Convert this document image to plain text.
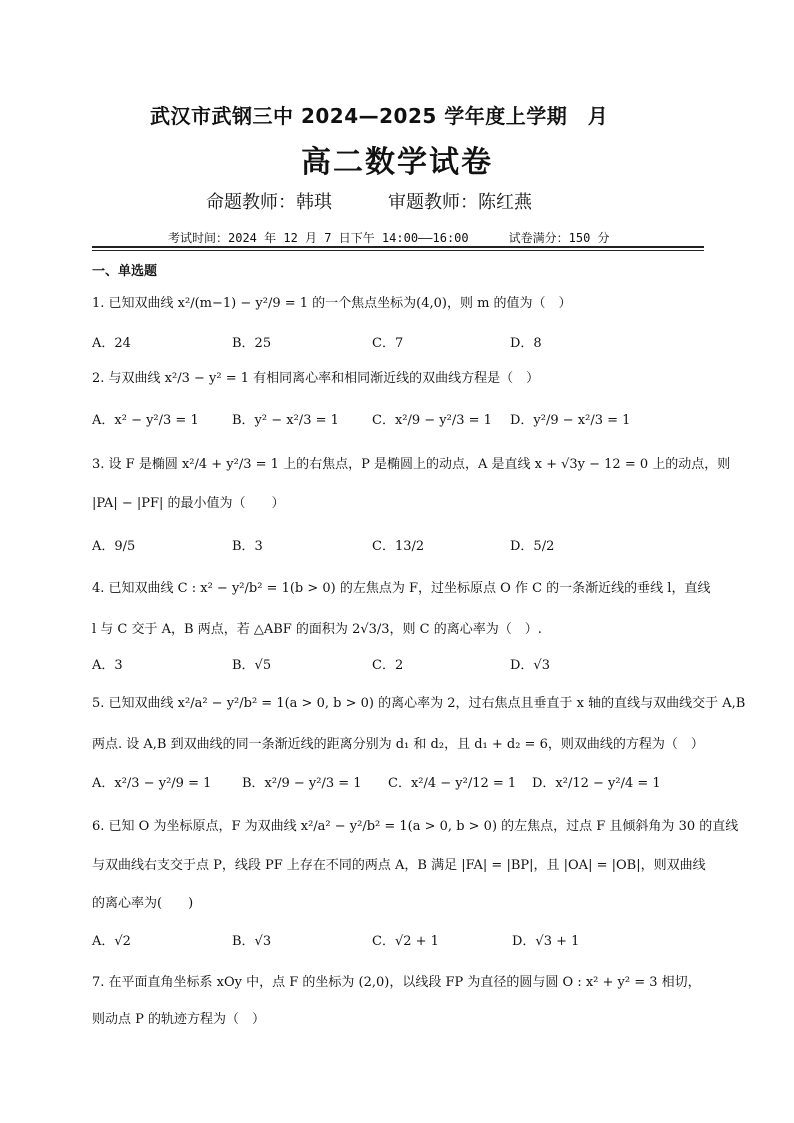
武汉市武钢三中 2024—2025 学年度上学期　月
高二数学试卷
命题教师：韩琪	审题教师：陈红燕
考试时间：2024 年 12 月 7 日下午 14:00——16:00	试卷满分：150 分
一、单选题
1. 已知双曲线 x²/(m−1) − y²/9 = 1 的一个焦点坐标为(4,0)，则 m 的值为（　）
A．24	B．25	C．7	D．8
2. 与双曲线 x²/3 − y² = 1 有相同离心率和相同渐近线的双曲线方程是（　）
A．x² − y²/3 = 1	B．y² − x²/3 = 1	C．x²/9 − y²/3 = 1 D．y²/9 − x²/3 = 1
3. 设 F 是椭圆 x²/4 + y²/3 = 1 上的右焦点，P 是椭圆上的动点，A 是直线 x + √3y − 12 = 0 上的动点，则
|PA| − |PF| 的最小值为（　　）
A．9/5	B．3	C．13/2	D．5/2
4. 已知双曲线 C : x² − y²/b² = 1(b > 0) 的左焦点为 F，过坐标原点 O 作 C 的一条渐近线的垂线 l，直线
l 与 C 交于 A，B 两点，若 △ABF 的面积为 2√3/3，则 C 的离心率为（　）.
A．3	B．√5	C．2	D．√3
5. 已知双曲线 x²/a² − y²/b² = 1(a > 0, b > 0) 的离心率为 2，过右焦点且垂直于 x 轴的直线与双曲线交于 A,B
两点. 设 A,B 到双曲线的同一条渐近线的距离分别为 d₁ 和 d₂，且 d₁ + d₂ = 6，则双曲线的方程为（　）
A．x²/3 − y²/9 = 1 B．x²/9 − y²/3 = 1 C．x²/4 − y²/12 = 1 D．x²/12 − y²/4 = 1
6. 已知 O 为坐标原点，F 为双曲线 x²/a² − y²/b² = 1(a > 0, b > 0) 的左焦点，过点 F 且倾斜角为 30 的直线
与双曲线右支交于点 P，线段 PF 上存在不同的两点 A，B 满足 |FA| = |BP|，且 |OA| = |OB|，则双曲线
的离心率为(　　)
A．√2	B．√3	C．√2 + 1	D．√3 + 1
7. 在平面直角坐标系 xOy 中，点 F 的坐标为 (2,0)，以线段 FP 为直径的圆与圆 O : x² + y² = 3 相切，
则动点 P 的轨迹方程为（　）
